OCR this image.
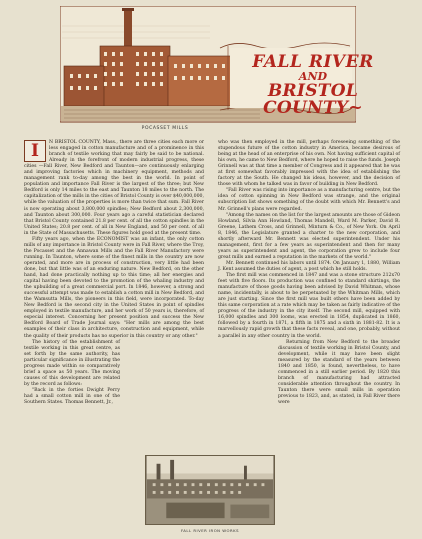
FALL RIVER
AND
BRISTOL COUNTY~
POCASSET MILLS
I	N BRISTOL COUNTY, Mass., there are three cities each more or less engaged in cotton manufacture and of a prominence in this branch of textile working that may fairly be said to be national. Already in the forefront of modern industrial progress, these cities —Fall River, New Bedford and Taunton—are continuously enlarging and improving factories which in machinery equipment, methods and management rank to-day among the best in the world. In point of population and importance Fall River is the largest of the three; but New Bedford is only 14 miles to the east and Taunton 18 miles to the north. The capitalization of the mills in the cities of Bristol County is over $40,000,000, while the valuation of the properties is more than twice that sum. Fall River is now operating about 3,800,000 spindles; New Bedford about 2,300,000, and Taunton about 300,000. Four years ago a careful statistician declared that Bristol County contained 21.8 per cent. of all the cotton spindles in the United States; 20.8 per cent. of all in New England, and 50 per cent. of all in the State of Massachusetts. These figures hold good at the present time.

Fifty years ago, when the ECONOMIST was an infant, the only cotton mills of any importance in Bristol County were in Fall River, where the Troy, the Pocasset and the Annawan Mills and the Fall River Manufactory were running. In Taunton, where some of the finest mills in the country are now operated, and more are in process of construction, very little had been done, but that little was of an enduring nature. New Bedford, on the other hand, had done practically nothing up to this time; all her energies and capital having been devoted to the promotion of the whaling industry and the upbuilding of a great commercial port. In 1846, however, a strong and successful attempt was made to establish a cotton mill in New Bedford, and the Wamsutta Mills, the pioneers in this field, were incorporated. To-day New Bedford is the second city in the United States in point of spindles employed in textile manufacture, and her work of 50 years is, therefore, of especial interest. Concerning her present position and success the New Bedford Board of Trade Journal says: "Her mills are among the best examples of their class in architecture, construction and equipment, while the quality of their products has no superior in this country or any other."

The history of the establishment of textile working in this great centre, as set forth by the same authority, has particular significance in illustrating the progress made within so comparatively brief a space as 50 years. The moving causes of this development are related by the record as follows:

"Back in the forties Dwight Perry had a small cotton mill in one of the Southern States. Thomas Bennett, Jr.,

who was then employed in the mill, perhaps foreseeing something of the stupendous future of the cotton industry in America, became desirous of being at the head of an enterprise of his own. Not having sufficient capital of his own, he came to New Bedford, where he hoped to raise the funds. Joseph Grinnell was at that time a member of Congress and it appeared that he was at first somewhat favorably impressed with the idea of establishing the factory at the South. He changed his ideas, however, and the decision of those with whom he talked was in favor of building in New Bedford.

"Fall River was rising into importance as a manufacturing centre, but the idea of cotton spinning in New Bedford was strange, and the original subscription list shows something of the doubt with which Mr. Bennett's and Mr. Grinnell's plans were regarded.

"Among the names on the list for the largest amounts are those of Gideon Howland, Silvia Ann Howland, Thomas Mandell, Ward M. Parker, David R. Greene, Lathem Cross, and Grinnell, Minturn & Co., of New York. On April 8, 1846, the Legislature granted a charter to the new corporation, and shortly afterward Mr. Bennett was elected superintendent. Under his management, first for a few years as superintendent and then for many years as superintendent and agent, the corporation grew to include four great mills and earned a reputation in the markets of the world."

Mr. Bennett continued his labors until 1874. On January 1, 1880, William J. Kent assumed the duties of agent, a post which he still holds.

The first mill was commenced in 1847 and was a stone structure 212x70 feet with five floors. Its production was confined to standard shirtings, the manufacture of those goods having been advised by David Whitman, whose name, incidentally, is about to be perpetuated by the Whitman Mills, which are just starting. Since the first mill was built others have been added by this same corporation at a rate which may be taken as fairly indicative of the progress of the industry in the city itself. The second mill, equipped with 16,000 spindles and 300 looms, was erected in 1854, duplicated in 1860, followed by a fourth in 1871, a fifth in 1875 and a sixth in 1881-82. It is a marvellously rapid growth that these facts reveal, and one, probably, without a parallel in any other country in the world.

Returning from New Bedford to the broader discussion of textile working in Bristol County, and development, while it may have been slight measured by the standard of the years between 1840 and 1850, is found, nevertheless, to have commenced in a still earlier period. By 1820 this branch of manufacturing had attracted considerable attention throughout the country. In Taunton there were small mills in operation previous to 1823, and, as stated, in Fall River there were

FALL RIVER IRON WORKS
